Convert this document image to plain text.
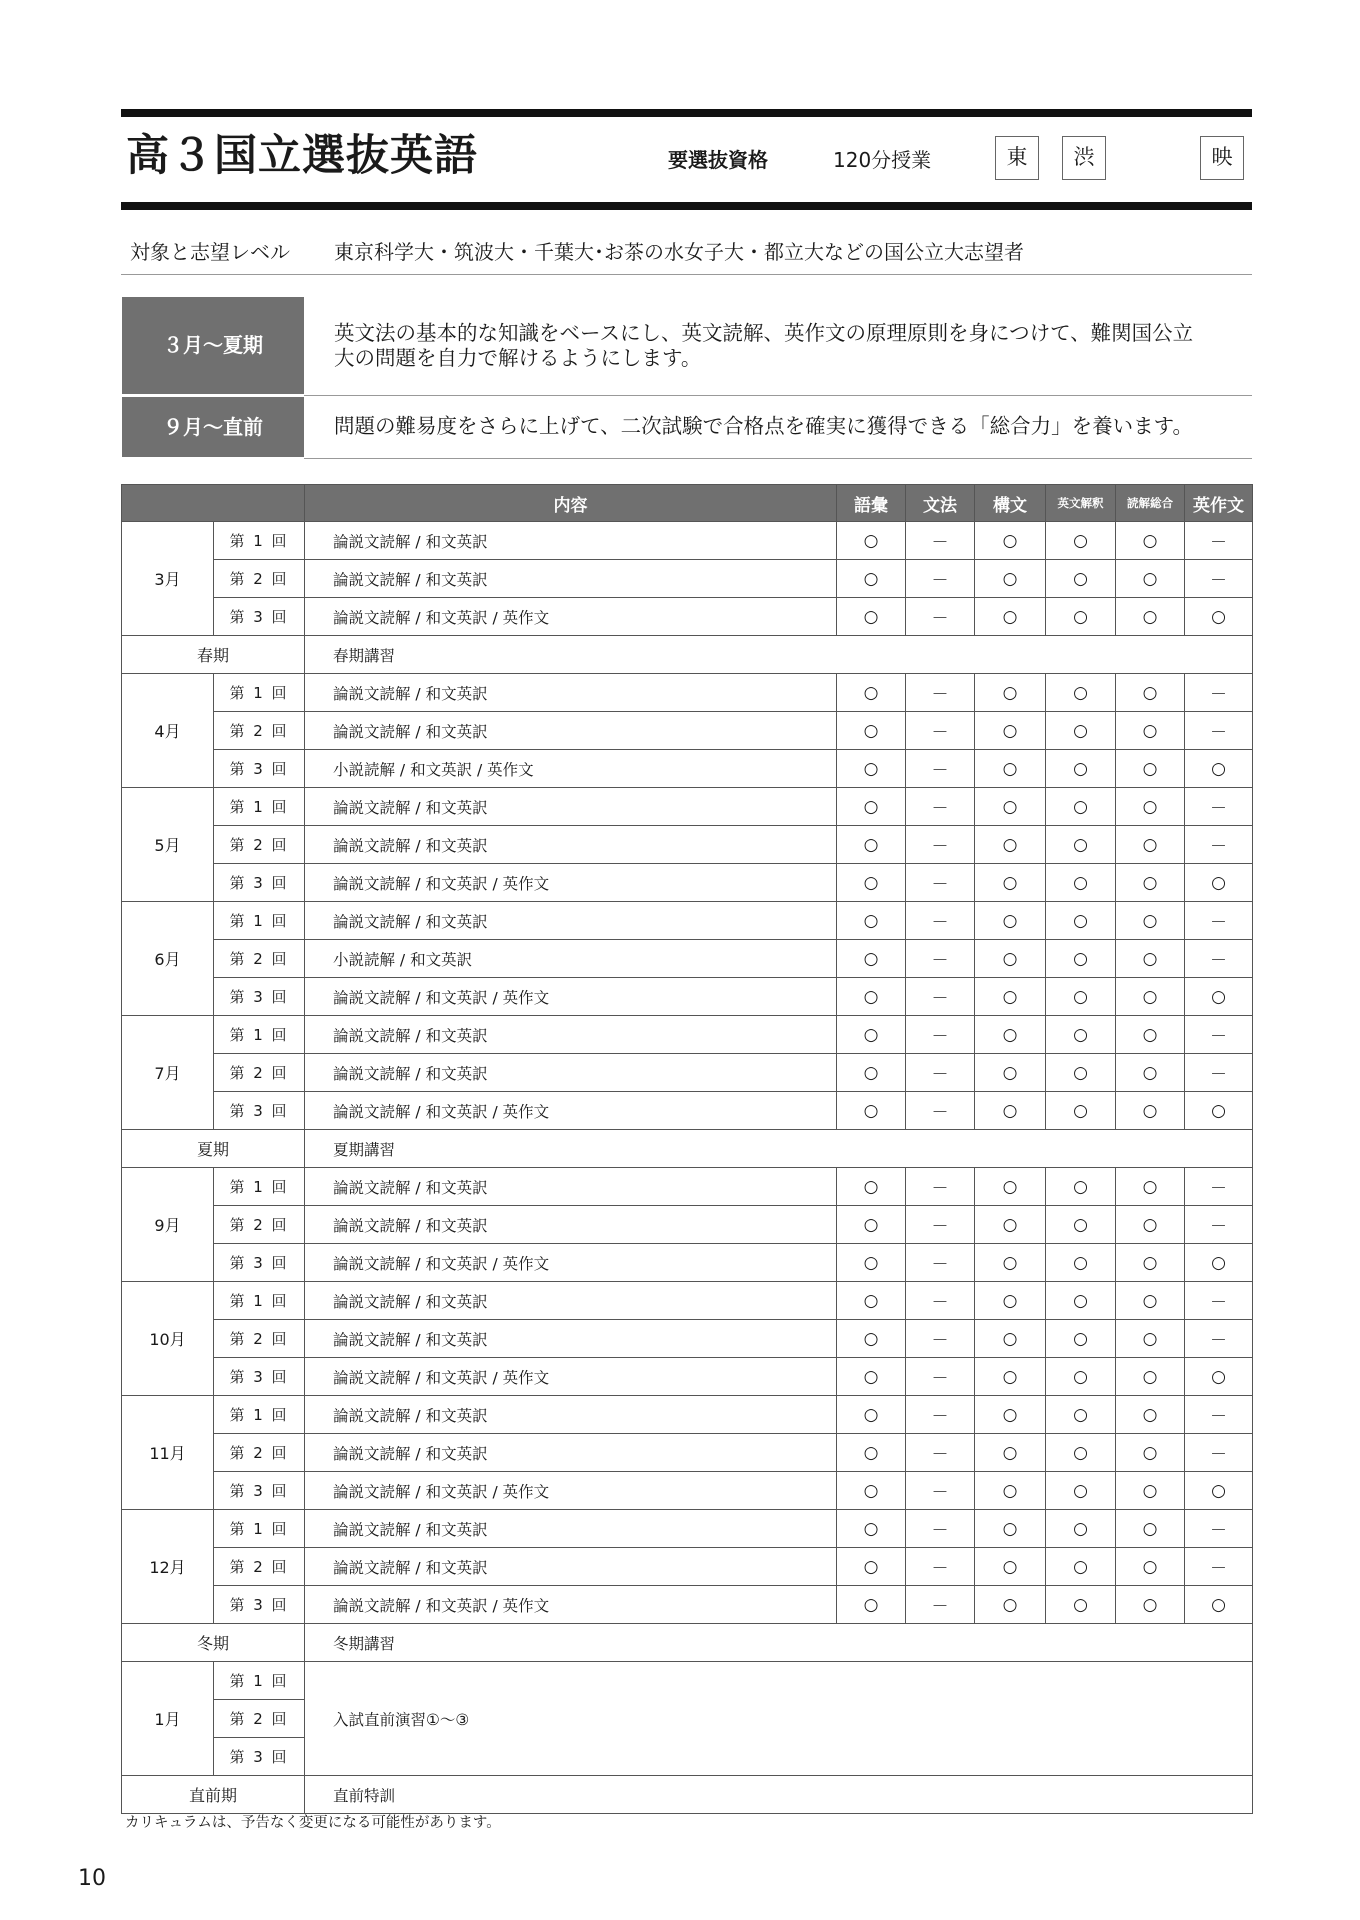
高３国立選抜英語	要選抜資格	120分授業	東	渋	映
対象と志望レベル 東京科学大・筑波大・千葉大･お茶の水女子大・都立大などの国公立大志望者
３月～夏期	英文法の基本的な知識をベースにし、英文読解、英作文の原理原則を身につけて、難関国公立
大の問題を自力で解けるようにします。
９月～直前	問題の難易度をさらに上げて、二次試験で合格点を確実に獲得できる「総合力」を養います。
		内容	語彙	文法	構文	英文解釈	読解総合	英作文
3月	第 1 回	論説文読解 / 和文英訳	○	－	○	○	○	－
	第 2 回	論説文読解 / 和文英訳	○	－	○	○	○	－
	第 3 回	論説文読解 / 和文英訳 / 英作文	○	－	○	○	○	○
春期		春期講習						
4月	第 1 回	論説文読解 / 和文英訳	○	－	○	○	○	－
	第 2 回	論説文読解 / 和文英訳	○	－	○	○	○	－
	第 3 回	小説読解 / 和文英訳 / 英作文	○	－	○	○	○	○
5月	第 1 回	論説文読解 / 和文英訳	○	－	○	○	○	－
	第 2 回	論説文読解 / 和文英訳	○	－	○	○	○	－
	第 3 回	論説文読解 / 和文英訳 / 英作文	○	－	○	○	○	○
6月	第 1 回	論説文読解 / 和文英訳	○	－	○	○	○	－
	第 2 回	小説読解 / 和文英訳	○	－	○	○	○	－
	第 3 回	論説文読解 / 和文英訳 / 英作文	○	－	○	○	○	○
7月	第 1 回	論説文読解 / 和文英訳	○	－	○	○	○	－
	第 2 回	論説文読解 / 和文英訳	○	－	○	○	○	－
	第 3 回	論説文読解 / 和文英訳 / 英作文	○	－	○	○	○	○
夏期		夏期講習						
9月	第 1 回	論説文読解 / 和文英訳	○	－	○	○	○	－
	第 2 回	論説文読解 / 和文英訳	○	－	○	○	○	－
	第 3 回	論説文読解 / 和文英訳 / 英作文	○	－	○	○	○	○
10月	第 1 回	論説文読解 / 和文英訳	○	－	○	○	○	－
	第 2 回	論説文読解 / 和文英訳	○	－	○	○	○	－
	第 3 回	論説文読解 / 和文英訳 / 英作文	○	－	○	○	○	○
11月	第 1 回	論説文読解 / 和文英訳	○	－	○	○	○	－
	第 2 回	論説文読解 / 和文英訳	○	－	○	○	○	－
	第 3 回	論説文読解 / 和文英訳 / 英作文	○	－	○	○	○	○
12月	第 1 回	論説文読解 / 和文英訳	○	－	○	○	○	－
	第 2 回	論説文読解 / 和文英訳	○	－	○	○	○	－
	第 3 回	論説文読解 / 和文英訳 / 英作文	○	－	○	○	○	○
冬期		冬期講習						
1月	第 1 回	入試直前演習①～③						
	第 2 回							
	第 3 回							
直前期		直前特訓						
カリキュラムは、予告なく変更になる可能性があります。
10
